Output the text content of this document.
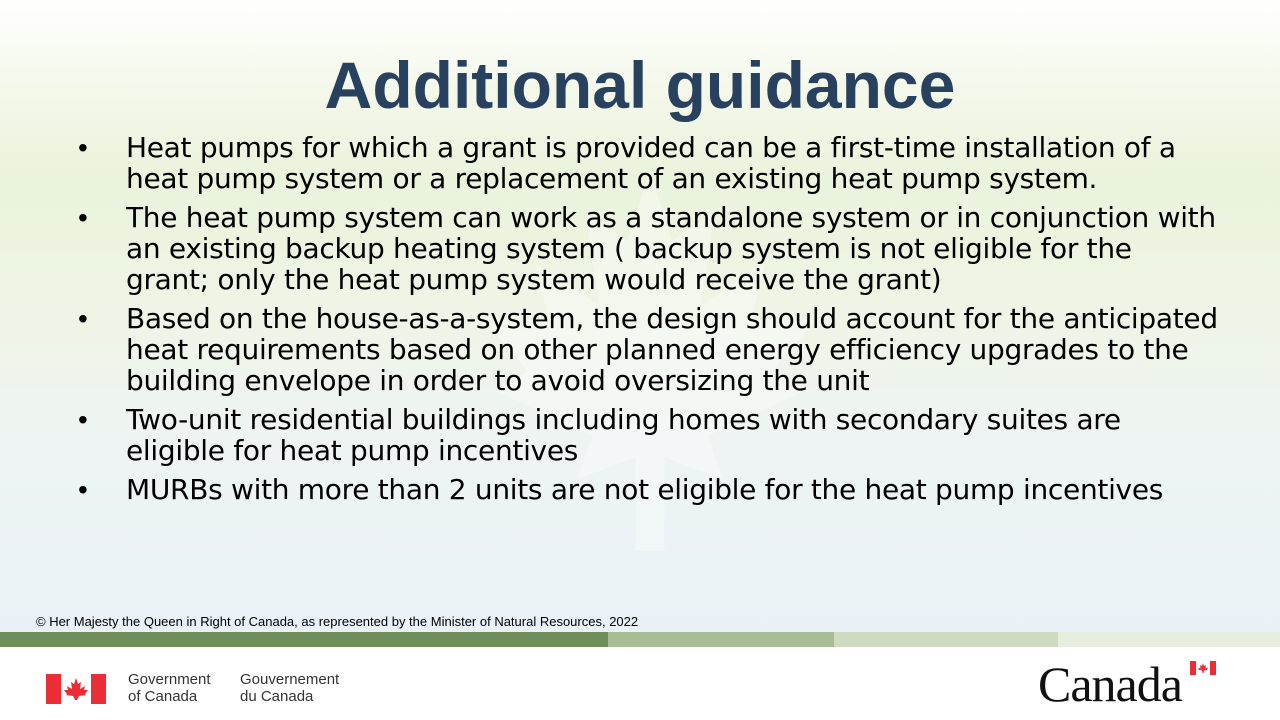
Additional guidance
• Heat pumps for which a grant is provided can be a first-time installation of a heat pump system or a replacement of an existing heat pump system.
• The heat pump system can work as a standalone system or in conjunction with an existing backup heating system ( backup system is not eligible for the grant; only the heat pump system would receive the grant)
• Based on the house-as-a-system, the design should account for the anticipated heat requirements based on other planned energy efficiency upgrades to the building envelope in order to avoid oversizing the unit
• Two-unit residential buildings including homes with secondary suites are eligible for heat pump incentives
• MURBs with more than 2 units are not eligible for the heat pump incentives
© Her Majesty the Queen in Right of Canada, as represented by the Minister of Natural Resources, 2022
Government
of Canada
Gouvernement
du Canada	Canada
